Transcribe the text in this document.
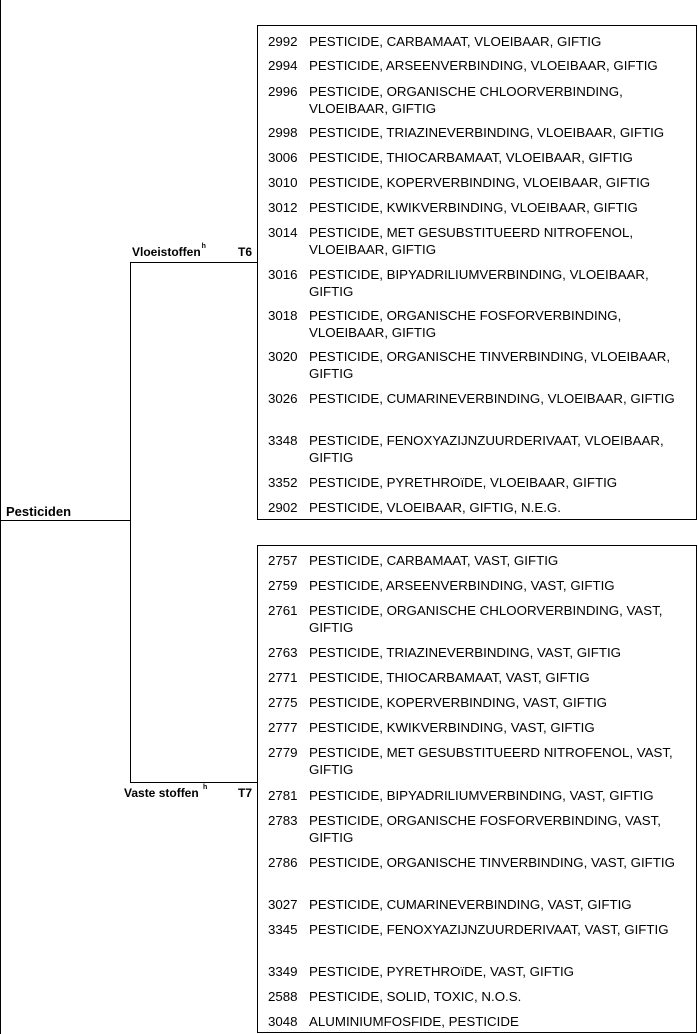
Pesticiden
Vloeistoffen$^h$	T6
Vaste stoffen $^h$	T7
2992 PESTICIDE, CARBAMAAT, VLOEIBAAR, GIFTIG
2994 PESTICIDE, ARSEENVERBINDING, VLOEIBAAR, GIFTIG
2996 PESTICIDE, ORGANISCHE CHLOORVERBINDING, VLOEIBAAR, GIFTIG
2998 PESTICIDE, TRIAZINEVERBINDING, VLOEIBAAR, GIFTIG
3006 PESTICIDE, THIOCARBAMAAT, VLOEIBAAR, GIFTIG
3010 PESTICIDE, KOPERVERBINDING, VLOEIBAAR, GIFTIG
3012 PESTICIDE, KWIKVERBINDING, VLOEIBAAR, GIFTIG
3014 PESTICIDE, MET GESUBSTITUEERD NITROFENOL, VLOEIBAAR, GIFTIG
3016 PESTICIDE, BIPYADRILIUMVERBINDING, VLOEIBAAR, GIFTIG
3018 PESTICIDE, ORGANISCHE FOSFORVERBINDING, VLOEIBAAR, GIFTIG
3020 PESTICIDE, ORGANISCHE TINVERBINDING, VLOEIBAAR, GIFTIG
3026 PESTICIDE, CUMARINEVERBINDING, VLOEIBAAR, GIFTIG
3348 PESTICIDE, FENOXYAZIJNZUURDERIVAAT, VLOEIBAAR, GIFTIG
3352 PESTICIDE, PYRETHROïDE, VLOEIBAAR, GIFTIG
2902 PESTICIDE, VLOEIBAAR, GIFTIG, N.E.G.
2757 PESTICIDE, CARBAMAAT, VAST, GIFTIG
2759 PESTICIDE, ARSEENVERBINDING, VAST, GIFTIG
2761 PESTICIDE, ORGANISCHE CHLOORVERBINDING, VAST, GIFTIG
2763 PESTICIDE, TRIAZINEVERBINDING, VAST, GIFTIG
2771 PESTICIDE, THIOCARBAMAAT, VAST, GIFTIG
2775 PESTICIDE, KOPERVERBINDING, VAST, GIFTIG
2777 PESTICIDE, KWIKVERBINDING, VAST, GIFTIG
2779 PESTICIDE, MET GESUBSTITUEERD NITROFENOL, VAST, GIFTIG
2781 PESTICIDE, BIPYADRILIUMVERBINDING, VAST, GIFTIG
2783 PESTICIDE, ORGANISCHE FOSFORVERBINDING, VAST, GIFTIG
2786 PESTICIDE, ORGANISCHE TINVERBINDING, VAST, GIFTIG
3027 PESTICIDE, CUMARINEVERBINDING, VAST, GIFTIG
3345 PESTICIDE, FENOXYAZIJNZUURDERIVAAT, VAST, GIFTIG
3349 PESTICIDE, PYRETHROïDE, VAST, GIFTIG
2588 PESTICIDE, SOLID, TOXIC, N.O.S.
3048 ALUMINIUMFOSFIDE, PESTICIDE
